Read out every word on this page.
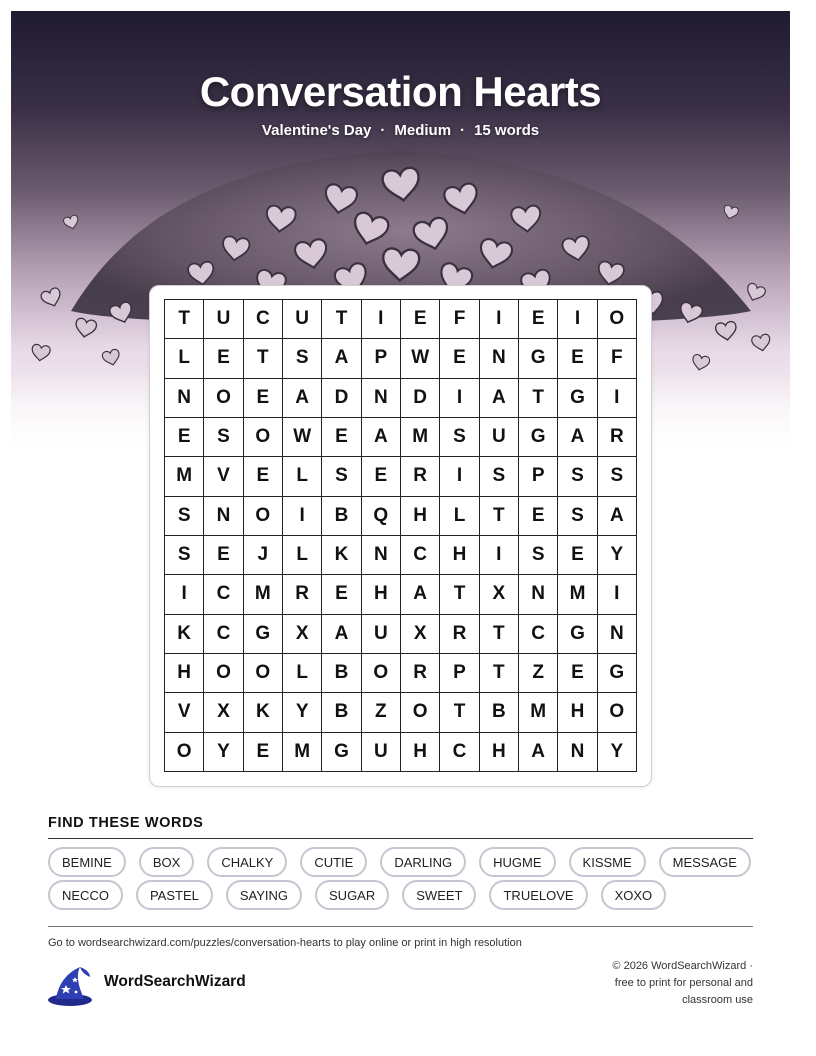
Conversation Hearts
Valentine's Day · Medium · 15 words
T	U	C	U	T	I	E	F	I	E	I	O
L	E	T	S	A	P	W	E	N	G	E	F
N	O	E	A	D	N	D	I	A	T	G	I
E	S	O	W	E	A	M	S	U	G	A	R
M	V	E	L	S	E	R	I	S	P	S	S
S	N	O	I	B	Q	H	L	T	E	S	A
S	E	J	L	K	N	C	H	I	S	E	Y
I	C	M	R	E	H	A	T	X	N	M	I
K	C	G	X	A	U	X	R	T	C	G	N
H	O	O	L	B	O	R	P	T	Z	E	G
V	X	K	Y	B	Z	O	T	B	M	H	O
O	Y	E	M	G	U	H	C	H	A	N	Y
FIND THESE WORDS
BEMINE	BOX	CHALKY	CUTIE	DARLING	HUGME	KISSME	MESSAGE
NECCO	PASTEL	SAYING	SUGAR	SWEET	TRUELOVE	XOXO
Go to wordsearchwizard.com/puzzles/conversation-hearts to play online or print in high resolution
WordSearchWizard
© 2026 WordSearchWizard ·
free to print for personal and
classroom use
